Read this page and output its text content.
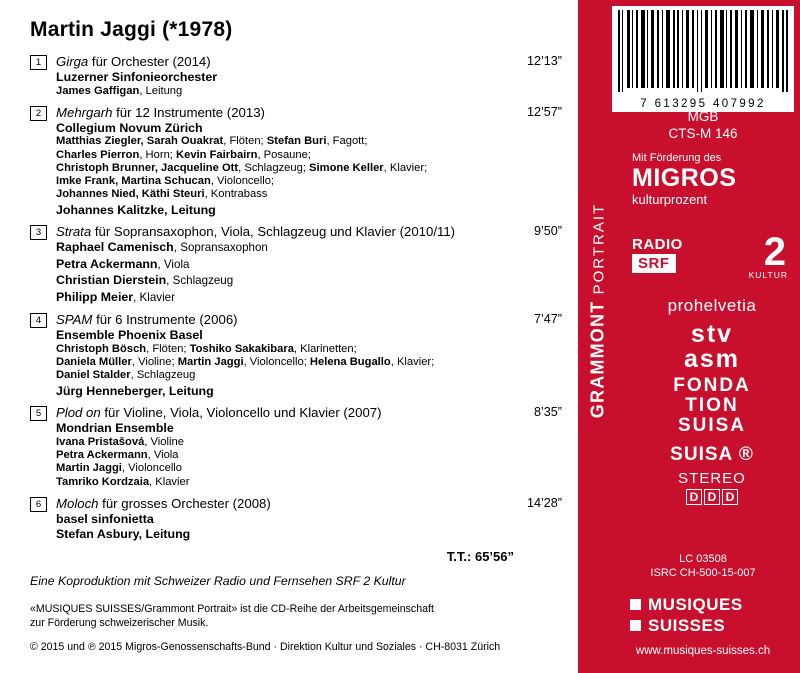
Martin Jaggi (*1978)
1	Girga für Orchester (2014)	12’13”
Luzerner Sinfonieorchester
James Gaffigan, Leitung
2	Mehrgarh für 12 Instrumente (2013)	12’57”
Collegium Novum Zürich
Matthias Ziegler, Sarah Ouakrat, Flöten; Stefan Buri, Fagott;
Charles Pierron, Horn; Kevin Fairbairn, Posaune;
Christoph Brunner, Jacqueline Ott, Schlagzeug; Simone Keller, Klavier;
Imke Frank, Martina Schucan, Violoncello;
Johannes Nied, Käthi Steuri, Kontrabass
Johannes Kalitzke, Leitung
3	Strata für Sopransaxophon, Viola, Schlagzeug und Klavier (2010/11)	9’50”
Raphael Camenisch, Sopransaxophon
Petra Ackermann, Viola
Christian Dierstein, Schlagzeug
Philipp Meier, Klavier
4	SPAM für 6 Instrumente (2006)	7’47”
Ensemble Phoenix Basel
Christoph Bösch, Flöten; Toshiko Sakakibara, Klarinetten;
Daniela Müller, Violine; Martin Jaggi, Violoncello; Helena Bugallo, Klavier;
Daniel Stalder, Schlagzeug
Jürg Henneberger, Leitung
5	Plod on für Violine, Viola, Violoncello und Klavier (2007)	8’35”
Mondrian Ensemble
Ivana Pristašová, Violine
Petra Ackermann, Viola
Martin Jaggi, Violoncello
Tamriko Kordzaia, Klavier
6	Moloch für grosses Orchester (2008)	14’28”
basel sinfonietta
Stefan Asbury, Leitung
T.T.: 65’56”
Eine Koproduktion mit Schweizer Radio und Fernsehen SRF 2 Kultur
«MUSIQUES SUISSES/Grammont Portrait» ist die CD-Reihe der Arbeitsgemeinschaft
zur Förderung schweizerischer Musik.
© 2015 und ℗ 2015 Migros-Genossenschafts-Bund · Direktion Kultur und Soziales · CH-8031 Zürich
GRAMMONT PORTRAIT
7 613295 407992
MGB
CTS-M 146
Mit Förderung des
MIGROS
kulturprozent
RADIO
SRF 2
KULTUR
prohelvetia
stv
asm
FONDA
TION
SUISA
SUISA ®
STEREO
D D D
LC 03508
ISRC CH-500-15-007
MUSIQUES
SUISSES
www.musiques-suisses.ch
